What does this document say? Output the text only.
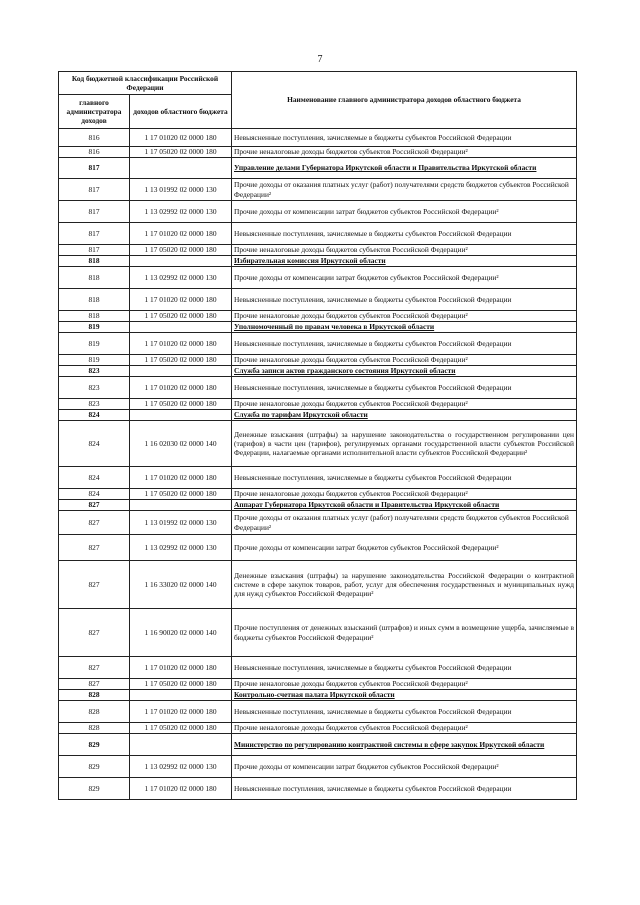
7
Код бюджетной классификации Российской Федерации		Наименование главного администратора доходов областного бюджета
главного администратора доходов	доходов областного бюджета	
816	1 17 01020 02 0000 180	Невыясненные поступления, зачисляемые в бюджеты субъектов Российской Федерации
816	1 17 05020 02 0000 180	Прочие неналоговые доходы бюджетов субъектов Российской Федерации²
817		Управление делами Губернатора Иркутской области и Правительства Иркутской области
817	1 13 01992 02 0000 130	Прочие доходы от оказания платных услуг (работ) получателями средств бюджетов субъектов Российской Федерации²
817	1 13 02992 02 0000 130	Прочие доходы от компенсации затрат бюджетов субъектов Российской Федерации²
817	1 17 01020 02 0000 180	Невыясненные поступления, зачисляемые в бюджеты субъектов Российской Федерации
817	1 17 05020 02 0000 180	Прочие неналоговые доходы бюджетов субъектов Российской Федерации²
818		Избирательная комиссия Иркутской области
818	1 13 02992 02 0000 130	Прочие доходы от компенсации затрат бюджетов субъектов Российской Федерации²
818	1 17 01020 02 0000 180	Невыясненные поступления, зачисляемые в бюджеты субъектов Российской Федерации
818	1 17 05020 02 0000 180	Прочие неналоговые доходы бюджетов субъектов Российской Федерации²
819		Уполномоченный по правам человека в Иркутской области
819	1 17 01020 02 0000 180	Невыясненные поступления, зачисляемые в бюджеты субъектов Российской Федерации
819	1 17 05020 02 0000 180	Прочие неналоговые доходы бюджетов субъектов Российской Федерации²
823		Служба записи актов гражданского состояния Иркутской области
823	1 17 01020 02 0000 180	Невыясненные поступления, зачисляемые в бюджеты субъектов Российской Федерации
823	1 17 05020 02 0000 180	Прочие неналоговые доходы бюджетов субъектов Российской Федерации²
824		Служба по тарифам Иркутской области
824	1 16 02030 02 0000 140	Денежные взыскания (штрафы) за нарушение законодательства о государственном регулировании цен (тарифов) в части цен (тарифов), регулируемых органами государственной власти субъектов Российской Федерации, налагаемые органами исполнительной власти субъектов Российской Федерации²
824	1 17 01020 02 0000 180	Невыясненные поступления, зачисляемые в бюджеты субъектов Российской Федерации
824	1 17 05020 02 0000 180	Прочие неналоговые доходы бюджетов субъектов Российской Федерации²
827		Аппарат Губернатора Иркутской области и Правительства Иркутской области
827	1 13 01992 02 0000 130	Прочие доходы от оказания платных услуг (работ) получателями средств бюджетов субъектов Российской Федерации²
827	1 13 02992 02 0000 130	Прочие доходы от компенсации затрат бюджетов субъектов Российской Федерации²
827	1 16 33020 02 0000 140	Денежные взыскания (штрафы) за нарушение законодательства Российской Федерации о контрактной системе в сфере закупок товаров, работ, услуг для обеспечения государственных и муниципальных нужд для нужд субъектов Российской Федерации²
827	1 16 90020 02 0000 140	Прочие поступления от денежных взысканий (штрафов) и иных сумм в возмещение ущерба, зачисляемые в бюджеты субъектов Российской Федерации²
827	1 17 01020 02 0000 180	Невыясненные поступления, зачисляемые в бюджеты субъектов Российской Федерации
827	1 17 05020 02 0000 180	Прочие неналоговые доходы бюджетов субъектов Российской Федерации²
828		Контрольно-счетная палата Иркутской области
828	1 17 01020 02 0000 180	Невыясненные поступления, зачисляемые в бюджеты субъектов Российской Федерации
828	1 17 05020 02 0000 180	Прочие неналоговые доходы бюджетов субъектов Российской Федерации²
829		Министерство по регулированию контрактной системы в сфере закупок Иркутской области
829	1 13 02992 02 0000 130	Прочие доходы от компенсации затрат бюджетов субъектов Российской Федерации²
829	1 17 01020 02 0000 180	Невыясненные поступления, зачисляемые в бюджеты субъектов Российской Федерации
